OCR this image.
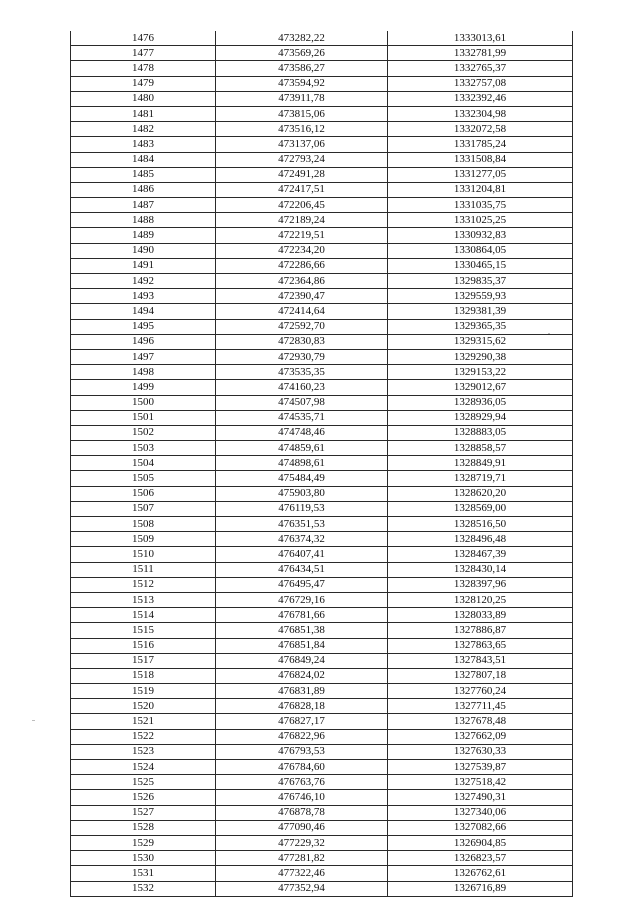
1476	473282,22	1333013,61
1477	473569,26	1332781,99
1478	473586,27	1332765,37
1479	473594,92	1332757,08
1480	473911,78	1332392,46
1481	473815,06	1332304,98
1482	473516,12	1332072,58
1483	473137,06	1331785,24
1484	472793,24	1331508,84
1485	472491,28	1331277,05
1486	472417,51	1331204,81
1487	472206,45	1331035,75
1488	472189,24	1331025,25
1489	472219,51	1330932,83
1490	472234,20	1330864,05
1491	472286,66	1330465,15
1492	472364,86	1329835,37
1493	472390,47	1329559,93
1494	472414,64	1329381,39
1495	472592,70	1329365,35
1496	472830,83	1329315,62
1497	472930,79	1329290,38
1498	473535,35	1329153,22
1499	474160,23	1329012,67
1500	474507,98	1328936,05
1501	474535,71	1328929,94
1502	474748,46	1328883,05
1503	474859,61	1328858,57
1504	474898,61	1328849,91
1505	475484,49	1328719,71
1506	475903,80	1328620,20
1507	476119,53	1328569,00
1508	476351,53	1328516,50
1509	476374,32	1328496,48
1510	476407,41	1328467,39
1511	476434,51	1328430,14
1512	476495,47	1328397,96
1513	476729,16	1328120,25
1514	476781,66	1328033,89
1515	476851,38	1327886,87
1516	476851,84	1327863,65
1517	476849,24	1327843,51
1518	476824,02	1327807,18
1519	476831,89	1327760,24
1520	476828,18	1327711,45
1521	476827,17	1327678,48
1522	476822,96	1327662,09
1523	476793,53	1327630,33
1524	476784,60	1327539,87
1525	476763,76	1327518,42
1526	476746,10	1327490,31
1527	476878,78	1327340,06
1528	477090,46	1327082,66
1529	477229,32	1326904,85
1530	477281,82	1326823,57
1531	477322,46	1326762,61
1532	477352,94	1326716,89
